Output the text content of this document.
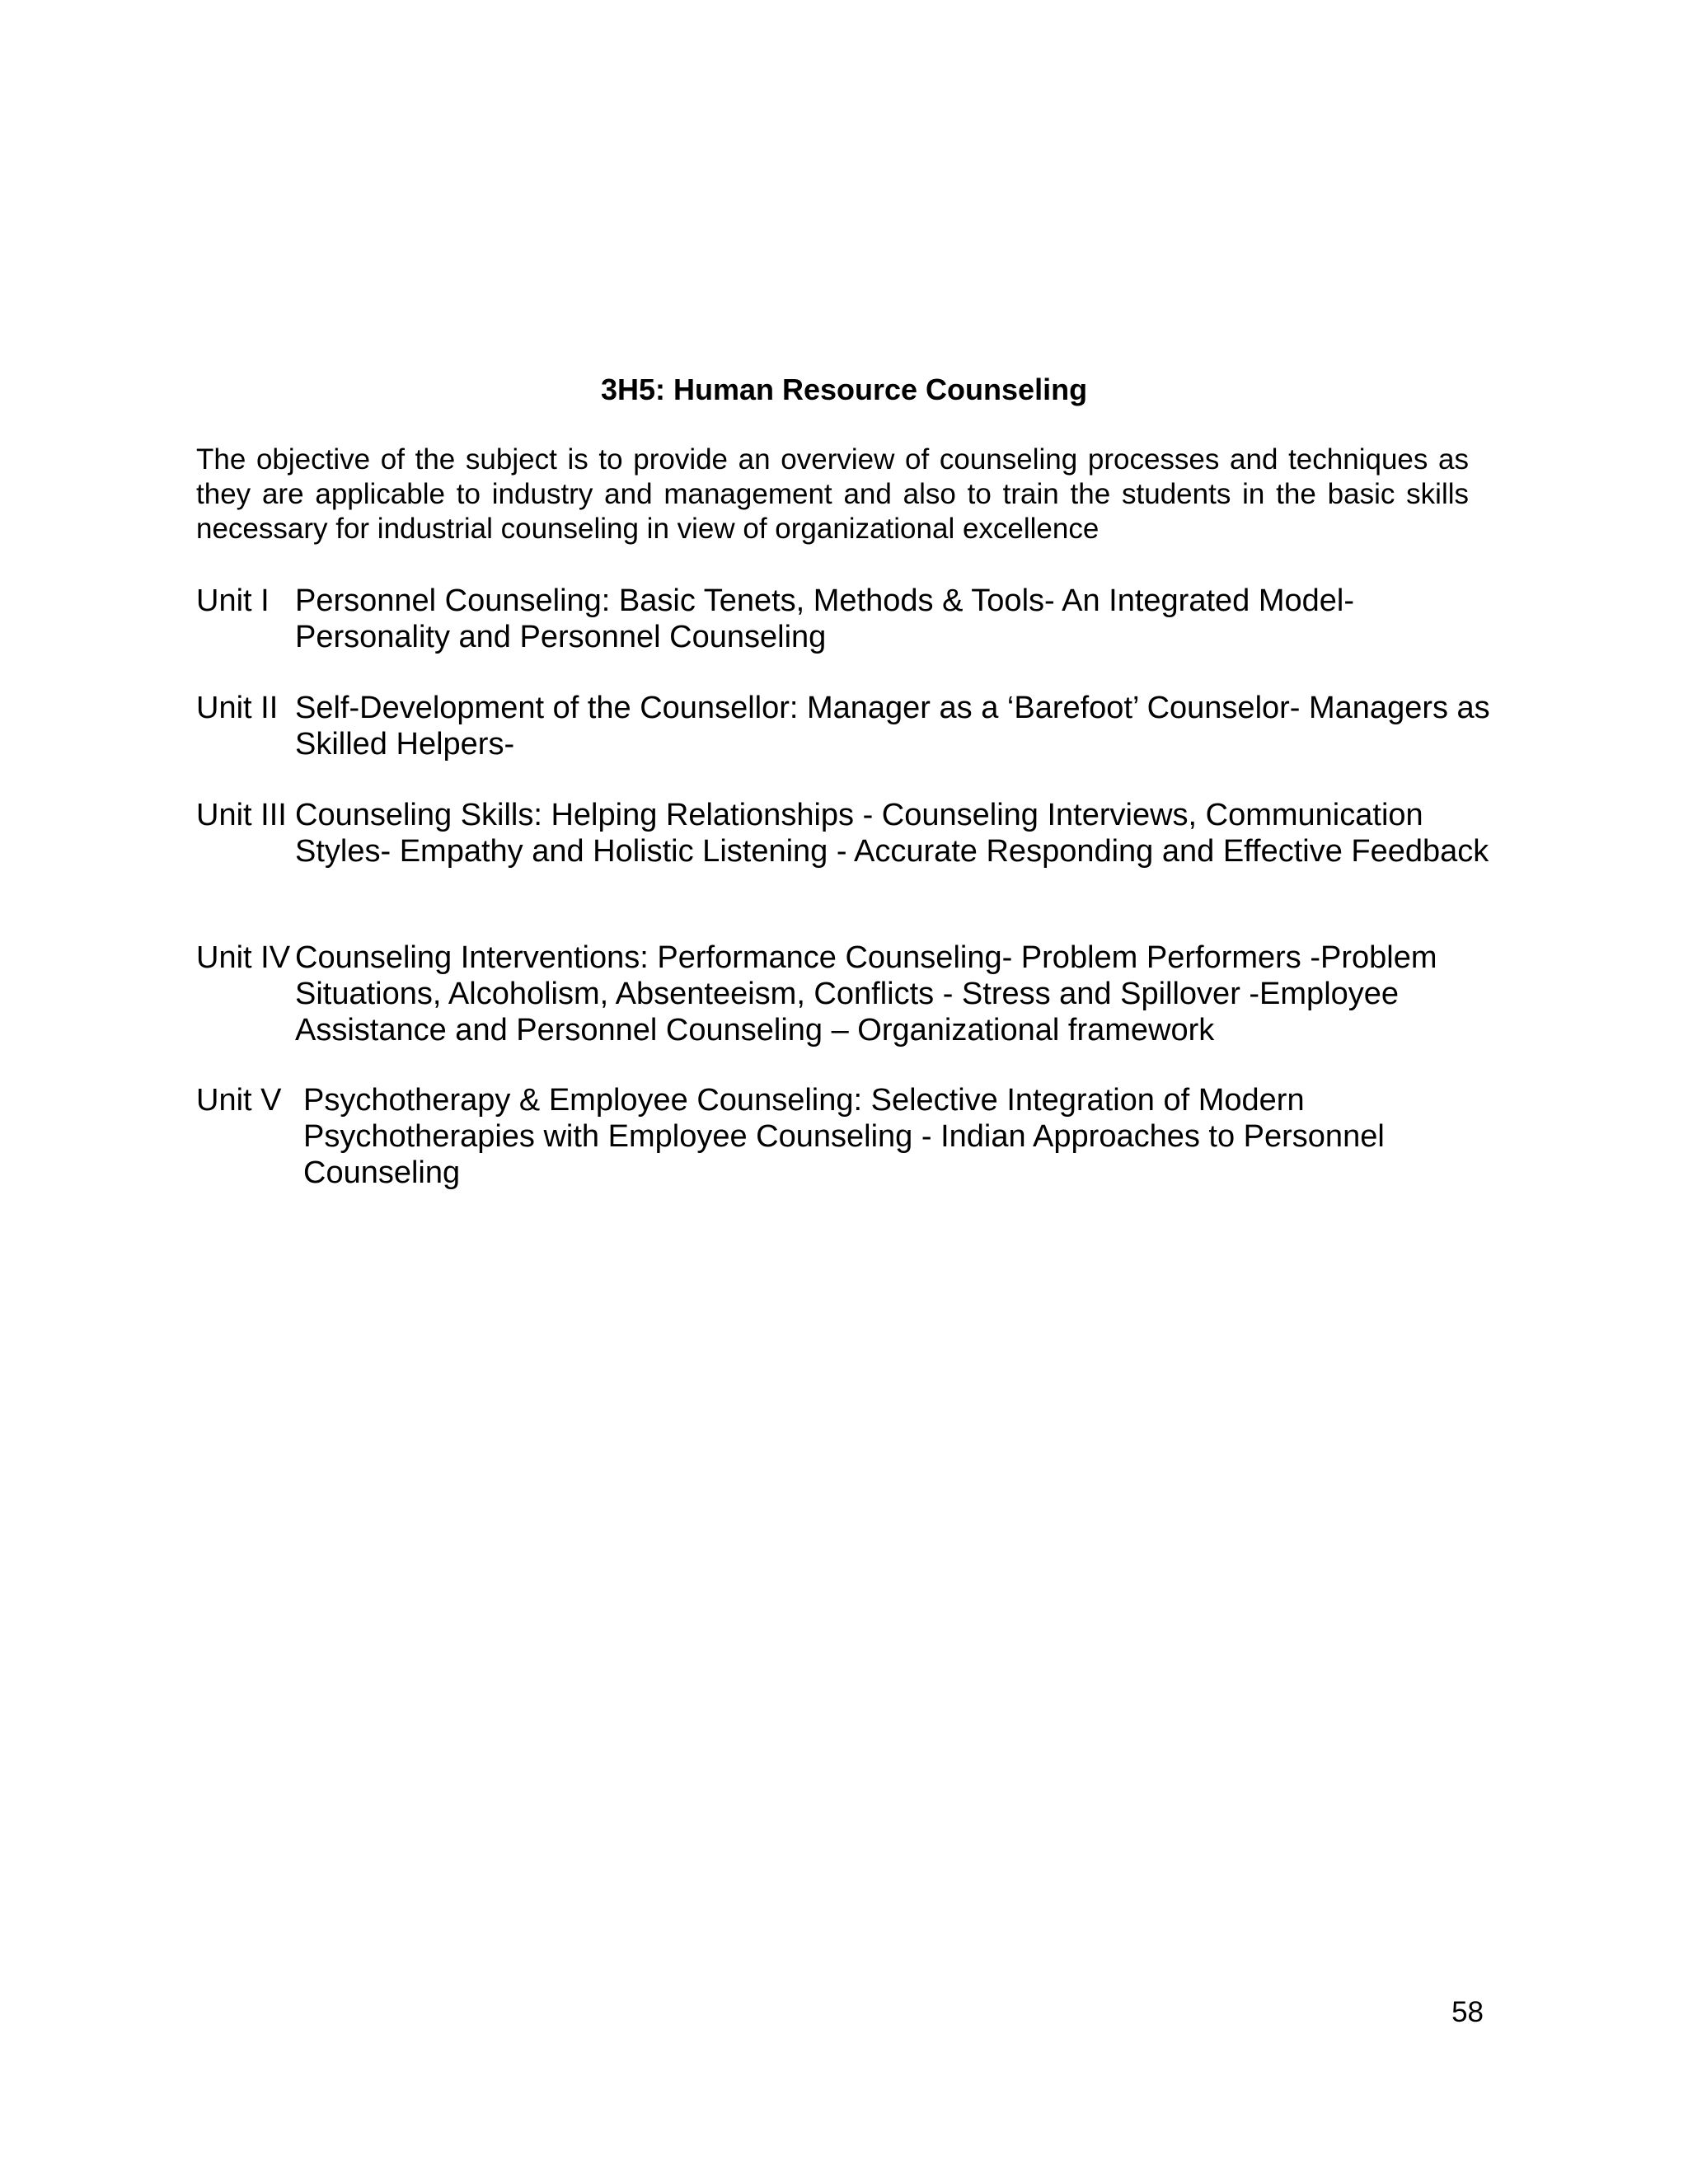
3H5: Human Resource Counseling
The objective of the subject is to provide an overview of counseling processes and techniques as they are applicable to industry and management and also to train the students in the basic skills necessary for industrial counseling in view of organizational excellence
Unit I Personnel Counseling: Basic Tenets, Methods & Tools- An Integrated Model- Personality and Personnel Counseling
Unit II Self-Development of the Counsellor: Manager as a ‘Barefoot’ Counselor- Managers as Skilled Helpers-
Unit III Counseling Skills: Helping Relationships - Counseling Interviews, Communication Styles- Empathy and Holistic Listening - Accurate Responding and Effective Feedback
Unit IV Counseling Interventions: Performance Counseling- Problem Performers -Problem Situations, Alcoholism, Absenteeism, Conflicts - Stress and Spillover -Employee Assistance and Personnel Counseling – Organizational framework
Unit V Psychotherapy & Employee Counseling: Selective Integration of Modern Psychotherapies with Employee Counseling - Indian Approaches to Personnel Counseling
58
